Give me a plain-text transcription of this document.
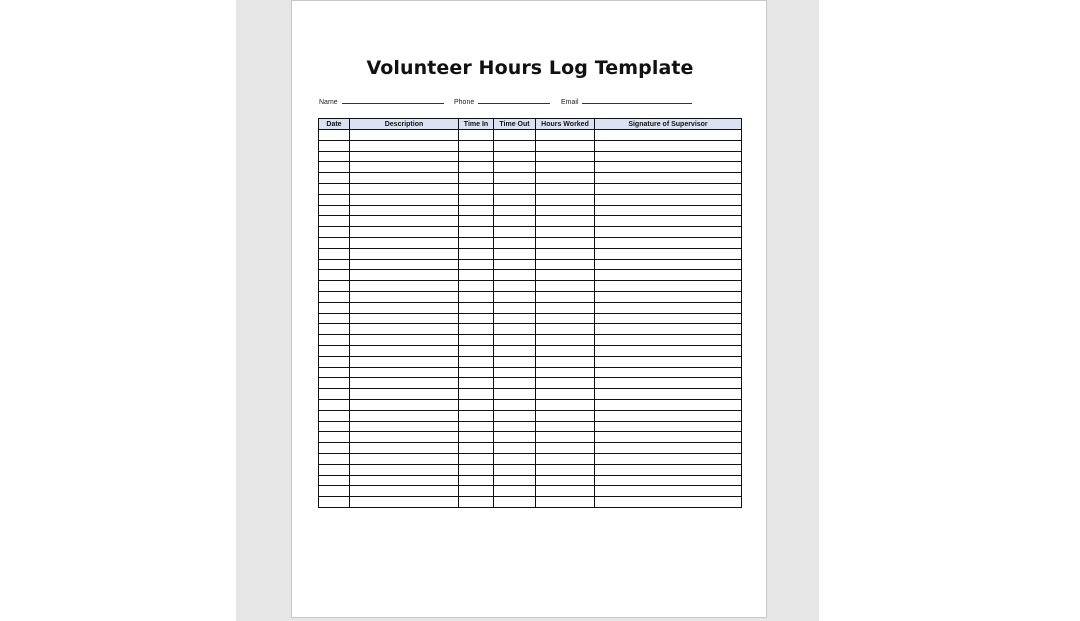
Volunteer Hours Log Template
Name	Phone	Email
Date	Description	Time In	Time Out	Hours Worked	Signature of Supervisor
